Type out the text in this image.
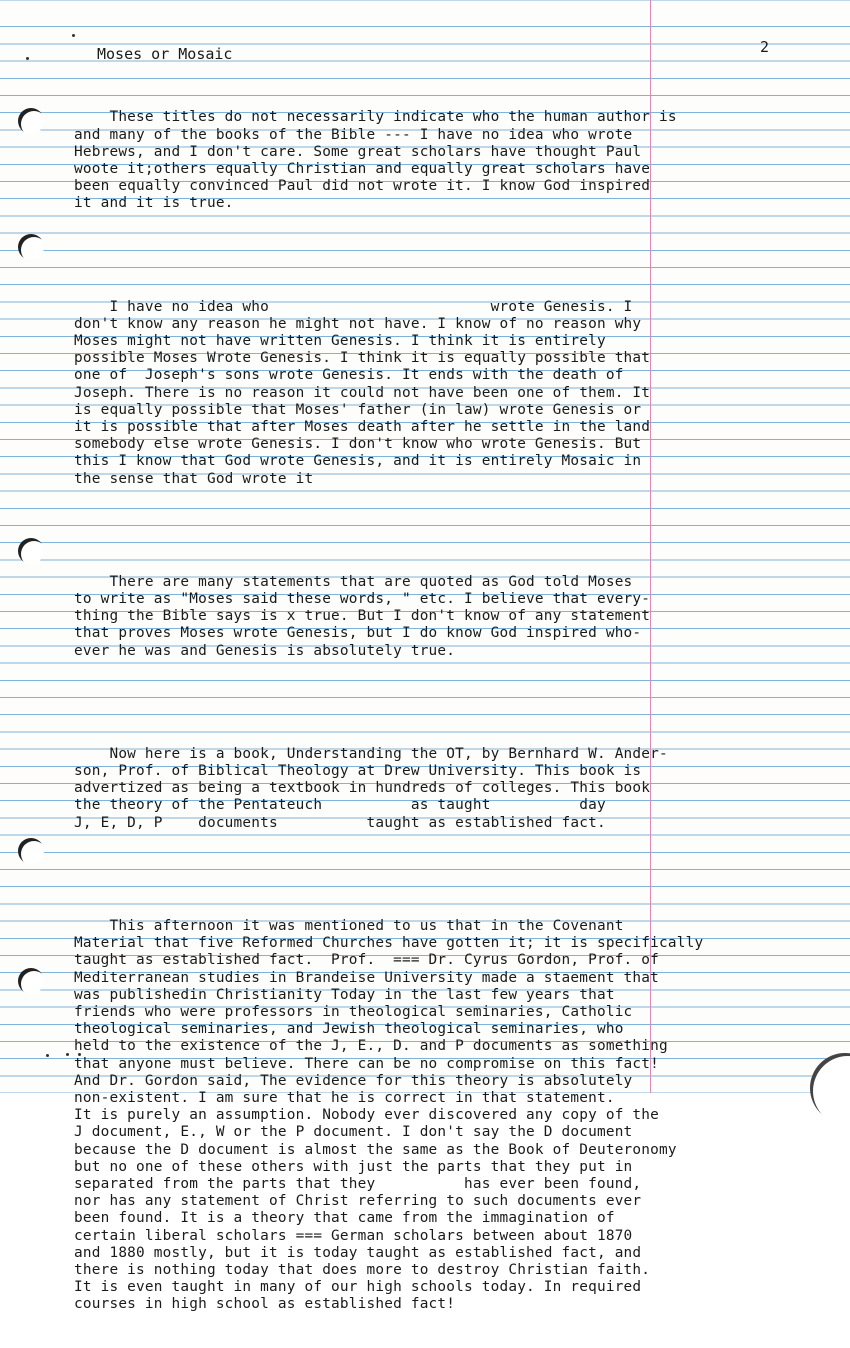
2
Moses or Mosaic

These titles do not necessarily indicate who the human author is
and many of the books of the Bible --- I have no idea who wrote
Hebrews, and I don't care. Some great scholars have thought Paul
woote it;others equally Christian and equally great scholars have
been equally convinced Paul did not wrote it. I know God inspired
it and it is true.

I have no idea who                         wrote Genesis. I
don't know any reason he might not have. I know of no reason why
Moses might not have written Genesis. I think it is entirely
possible Moses Wrote Genesis. I think it is equally possible that
one of  Joseph's sons wrote Genesis. It ends with the death of
Joseph. There is no reason it could not have been one of them. It
is equally possible that Moses' father (in law) wrote Genesis or
it is possible that after Moses death after he settle in the land
somebody else wrote Genesis. I don't know who wrote Genesis. But
this I know that God wrote Genesis, and it is entirely Mosaic in
the sense that God wrote it

There are many statements that are quoted as God told Moses
to write as "Moses said these words, " etc. I believe that every-
thing the Bible says is x true. But I don't know of any statement
that proves Moses wrote Genesis, but I do know God inspired who-
ever he was and Genesis is absolutely true.

Now here is a book, Understanding the OT, by Bernhard W. Ander-
son, Prof. of Biblical Theology at Drew University. This book is
advertized as being a textbook in hundreds of colleges. This book
the theory of the Pentateuch          as taught          day
J, E, D, P    documents          taught as established fact.

This afternoon it was mentioned to us that in the Covenant
Material that five Reformed Churches have gotten it; it is specifically
taught as established fact.  Prof.  === Dr. Cyrus Gordon, Prof. of
Mediterranean studies in Brandeise University made a staement that
was publishedin Christianity Today in the last few years that
friends who were professors in theological seminaries, Catholic
theological seminaries, and Jewish theological seminaries, who
held to the existence of the J, E., D. and P documents as something
that anyone must believe. There can be no compromise on this fact!
And Dr. Gordon said, The evidence for this theory is absolutely
non-existent. I am sure that he is correct in that statement.
It is purely an assumption. Nobody ever discovered any copy of the
J document, E., W or the P document. I don't say the D document
because the D document is almost the same as the Book of Deuteronomy
but no one of these others with just the parts that they put in
separated from the parts that they          has ever been found,
nor has any statement of Christ referring to such documents ever
been found. It is a theory that came from the immagination of
certain liberal scholars === German scholars between about 1870
and 1880 mostly, but it is today taught as established fact, and
there is nothing today that does more to destroy Christian faith.
It is even taught in many of our high schools today. In required
courses in high school as established fact!
